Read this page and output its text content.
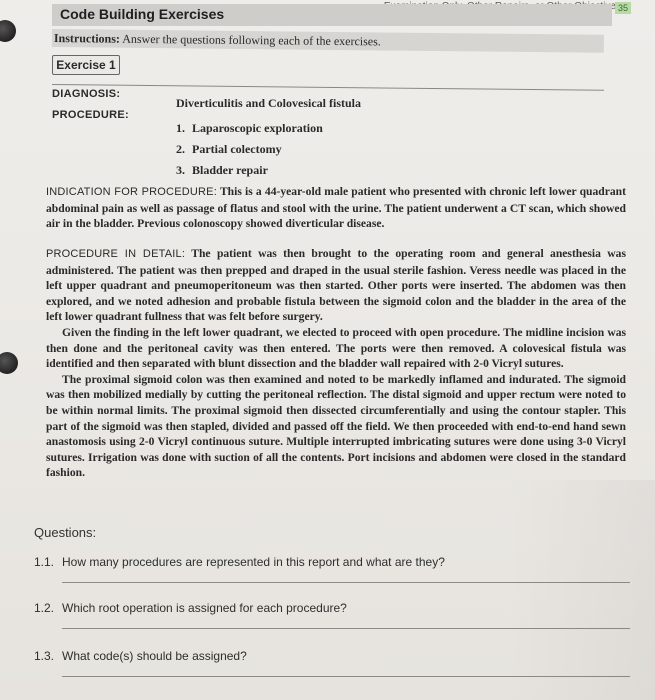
35
Code Building Exercises
Instructions: Answer the questions following each of the exercises.
Exercise 1
DIAGNOSIS:
PROCEDURE:
Diverticulitis and Colovesical fistula
1. Laparoscopic exploration
2. Partial colectomy
3. Bladder repair
INDICATION FOR PROCEDURE: This is a 44-year-old male patient who presented with chronic left lower quadrant abdominal pain as well as passage of flatus and stool with the urine. The patient underwent a CT scan, which showed air in the bladder. Previous colonoscopy showed diverticular disease.
PROCEDURE IN DETAIL: The patient was then brought to the operating room and general anesthesia was administered. The patient was then prepped and draped in the usual sterile fashion. Veress needle was placed in the left upper quadrant and pneumoperitoneum was then started. Other ports were inserted. The abdomen was then explored, and we noted adhesion and probable fistula between the sigmoid colon and the bladder in the area of the left lower quadrant fullness that was felt before surgery.
Given the finding in the left lower quadrant, we elected to proceed with open procedure. The midline incision was then done and the peritoneal cavity was then entered. The ports were then removed. A colovesical fistula was identified and then separated with blunt dissection and the bladder wall repaired with 2-0 Vicryl sutures.
The proximal sigmoid colon was then examined and noted to be markedly inflamed and indurated. The sigmoid was then mobilized medially by cutting the peritoneal reflection. The distal sigmoid and upper rectum were noted to be within normal limits. The proximal sigmoid then dissected circumferentially and using the contour stapler. This part of the sigmoid was then stapled, divided and passed off the field. We then proceeded with end-to-end hand sewn anastomosis using 2-0 Vicryl continuous suture. Multiple interrupted imbricating sutures were done using 3-0 Vicryl sutures. Irrigation was done with suction of all the contents. Port incisions and abdomen were closed in the standard fashion.
Questions:
1.1. How many procedures are represented in this report and what are they?
1.2. Which root operation is assigned for each procedure?
1.3. What code(s) should be assigned?
